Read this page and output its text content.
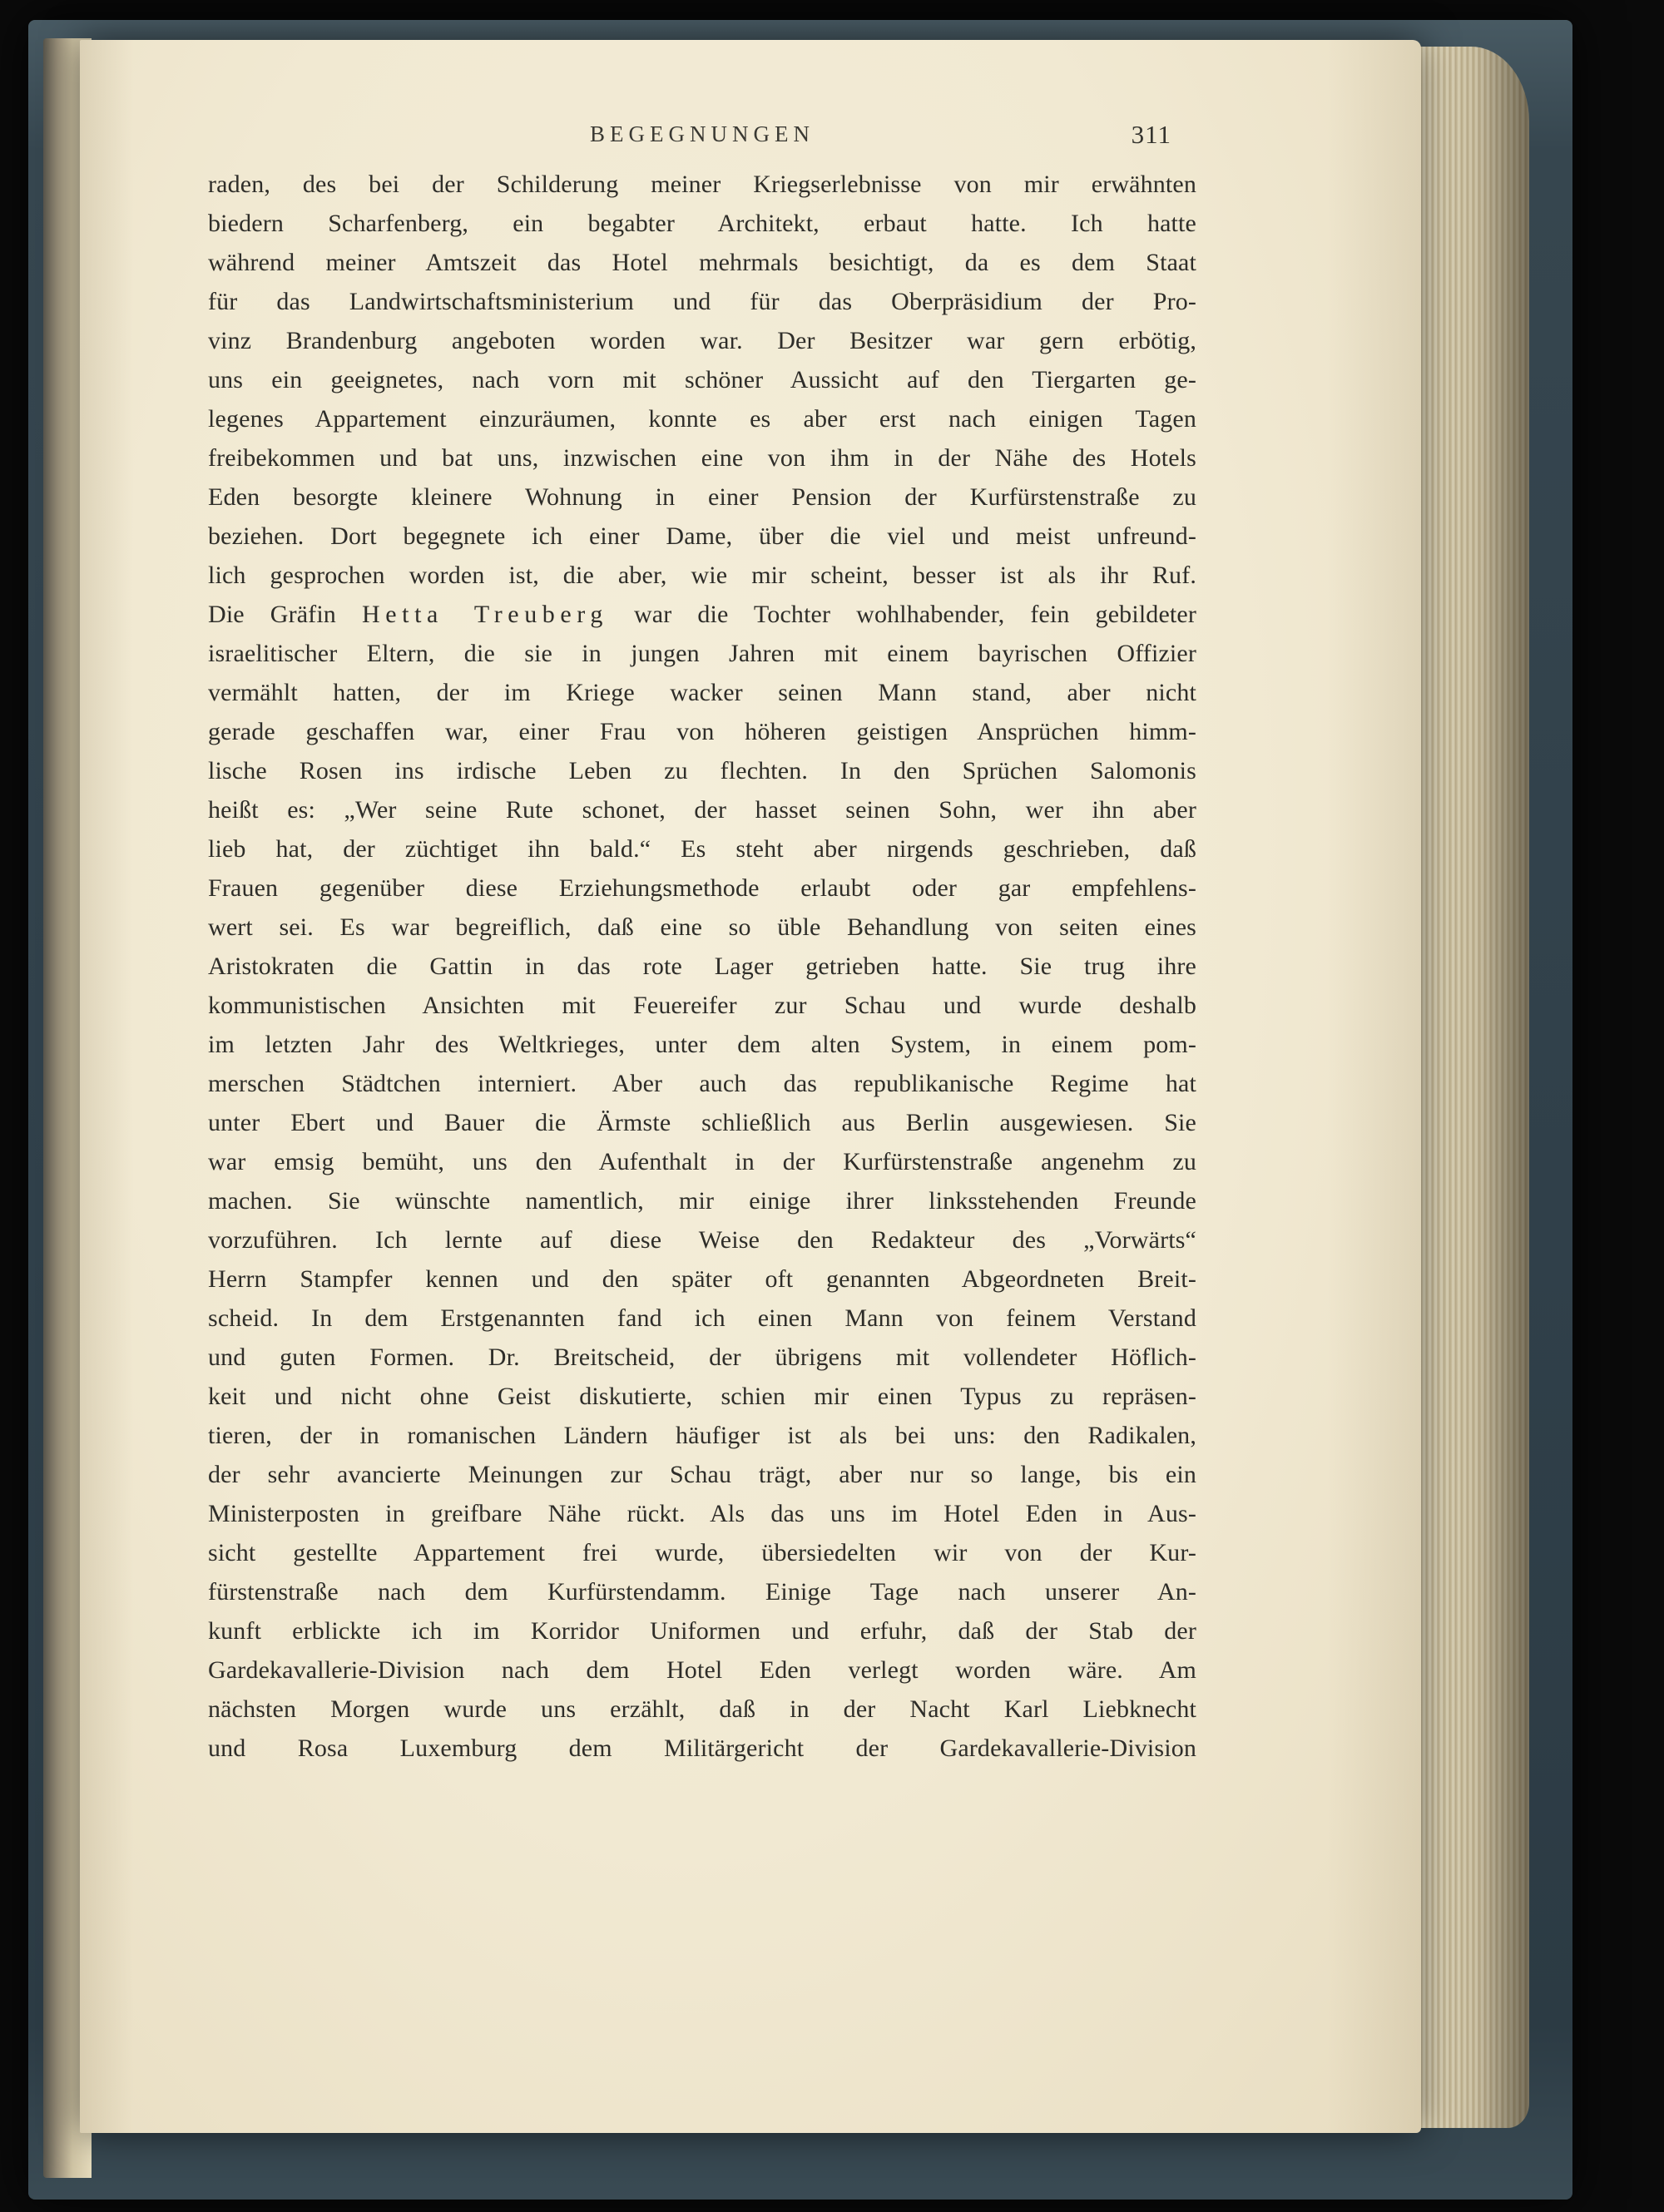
BEGEGNUNGEN	311
raden, des bei der Schilderung meiner Kriegserlebnisse von mir erwähnten
biedern Scharfenberg, ein begabter Architekt, erbaut hatte. Ich hatte
während meiner Amtszeit das Hotel mehrmals besichtigt, da es dem Staat
für das Landwirtschaftsministerium und für das Oberpräsidium der Pro-
vinz Brandenburg angeboten worden war. Der Besitzer war gern erbötig,
uns ein geeignetes, nach vorn mit schöner Aussicht auf den Tiergarten ge-
legenes Appartement einzuräumen, konnte es aber erst nach einigen Tagen
freibekommen und bat uns, inzwischen eine von ihm in der Nähe des Hotels
Eden besorgte kleinere Wohnung in einer Pension der Kurfürstenstraße zu
beziehen. Dort begegnete ich einer Dame, über die viel und meist unfreund-
lich gesprochen worden ist, die aber, wie mir scheint, besser ist als ihr Ruf.
Die Gräfin Hetta Treuberg war die Tochter wohlhabender, fein gebildeter
israelitischer Eltern, die sie in jungen Jahren mit einem bayrischen Offizier
vermählt hatten, der im Kriege wacker seinen Mann stand, aber nicht
gerade geschaffen war, einer Frau von höheren geistigen Ansprüchen himm-
lische Rosen ins irdische Leben zu flechten. In den Sprüchen Salomonis
heißt es: „Wer seine Rute schonet, der hasset seinen Sohn, wer ihn aber
lieb hat, der züchtiget ihn bald.“ Es steht aber nirgends geschrieben, daß
Frauen gegenüber diese Erziehungsmethode erlaubt oder gar empfehlens-
wert sei. Es war begreiflich, daß eine so üble Behandlung von seiten eines
Aristokraten die Gattin in das rote Lager getrieben hatte. Sie trug ihre
kommunistischen Ansichten mit Feuereifer zur Schau und wurde deshalb
im letzten Jahr des Weltkrieges, unter dem alten System, in einem pom-
merschen Städtchen interniert. Aber auch das republikanische Regime hat
unter Ebert und Bauer die Ärmste schließlich aus Berlin ausgewiesen. Sie
war emsig bemüht, uns den Aufenthalt in der Kurfürstenstraße angenehm zu
machen. Sie wünschte namentlich, mir einige ihrer linksstehenden Freunde
vorzuführen. Ich lernte auf diese Weise den Redakteur des „Vorwärts“
Herrn Stampfer kennen und den später oft genannten Abgeordneten Breit-
scheid. In dem Erstgenannten fand ich einen Mann von feinem Verstand
und guten Formen. Dr. Breitscheid, der übrigens mit vollendeter Höflich-
keit und nicht ohne Geist diskutierte, schien mir einen Typus zu repräsen-
tieren, der in romanischen Ländern häufiger ist als bei uns: den Radikalen,
der sehr avancierte Meinungen zur Schau trägt, aber nur so lange, bis ein
Ministerposten in greifbare Nähe rückt. Als das uns im Hotel Eden in Aus-
sicht gestellte Appartement frei wurde, übersiedelten wir von der Kur-
fürstenstraße nach dem Kurfürstendamm. Einige Tage nach unserer An-
kunft erblickte ich im Korridor Uniformen und erfuhr, daß der Stab der
Gardekavallerie-Division nach dem Hotel Eden verlegt worden wäre. Am
nächsten Morgen wurde uns erzählt, daß in der Nacht Karl Liebknecht
und Rosa Luxemburg dem Militärgericht der Gardekavallerie-Division
